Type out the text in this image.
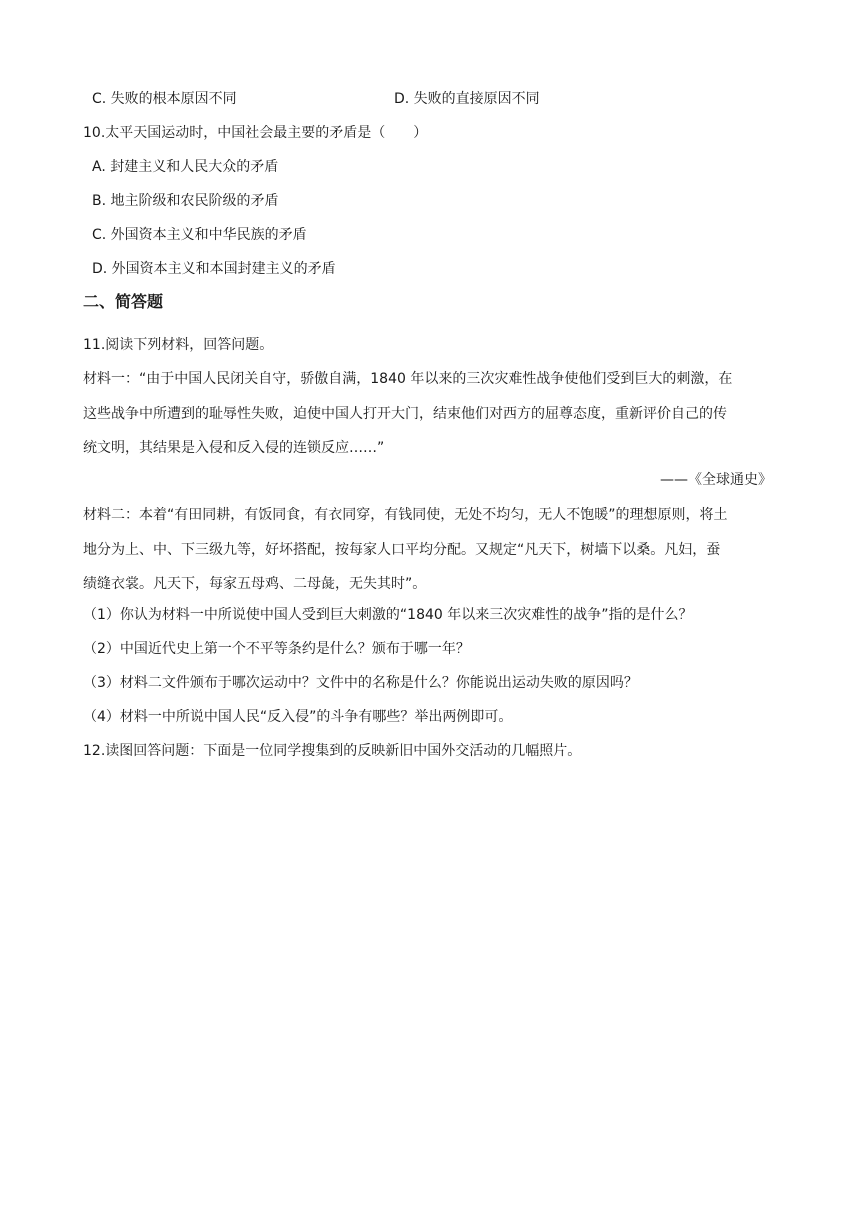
C. 失败的根本原因不同	D. 失败的直接原因不同
10.太平天国运动时，中国社会最主要的矛盾是（　　）
A. 封建主义和人民大众的矛盾
B. 地主阶级和农民阶级的矛盾
C. 外国资本主义和中华民族的矛盾
D. 外国资本主义和本国封建主义的矛盾
二、简答题
11.阅读下列材料，回答问题。
材料一：“由于中国人民闭关自守，骄傲自满，1840 年以来的三次灾难性战争使他们受到巨大的刺激，在
这些战争中所遭到的耻辱性失败，迫使中国人打开大门，结束他们对西方的屈尊态度，重新评价自己的传
统文明，其结果是入侵和反入侵的连锁反应……”
——《全球通史》
材料二：本着“有田同耕，有饭同食，有衣同穿，有钱同使，无处不均匀，无人不饱暖”的理想原则，将土
地分为上、中、下三级九等，好坏搭配，按每家人口平均分配。又规定“凡天下，树墙下以桑。凡妇，蚕
绩缝衣裳。凡天下，每家五母鸡、二母彘，无失其时”。
（1）你认为材料一中所说使中国人受到巨大刺激的“1840 年以来三次灾难性的战争”指的是什么？
（2）中国近代史上第一个不平等条约是什么？颁布于哪一年？
（3）材料二文件颁布于哪次运动中？文件中的名称是什么？你能说出运动失败的原因吗？
（4）材料一中所说中国人民“反入侵”的斗争有哪些？举出两例即可。
12.读图回答问题：下面是一位同学搜集到的反映新旧中国外交活动的几幅照片。
